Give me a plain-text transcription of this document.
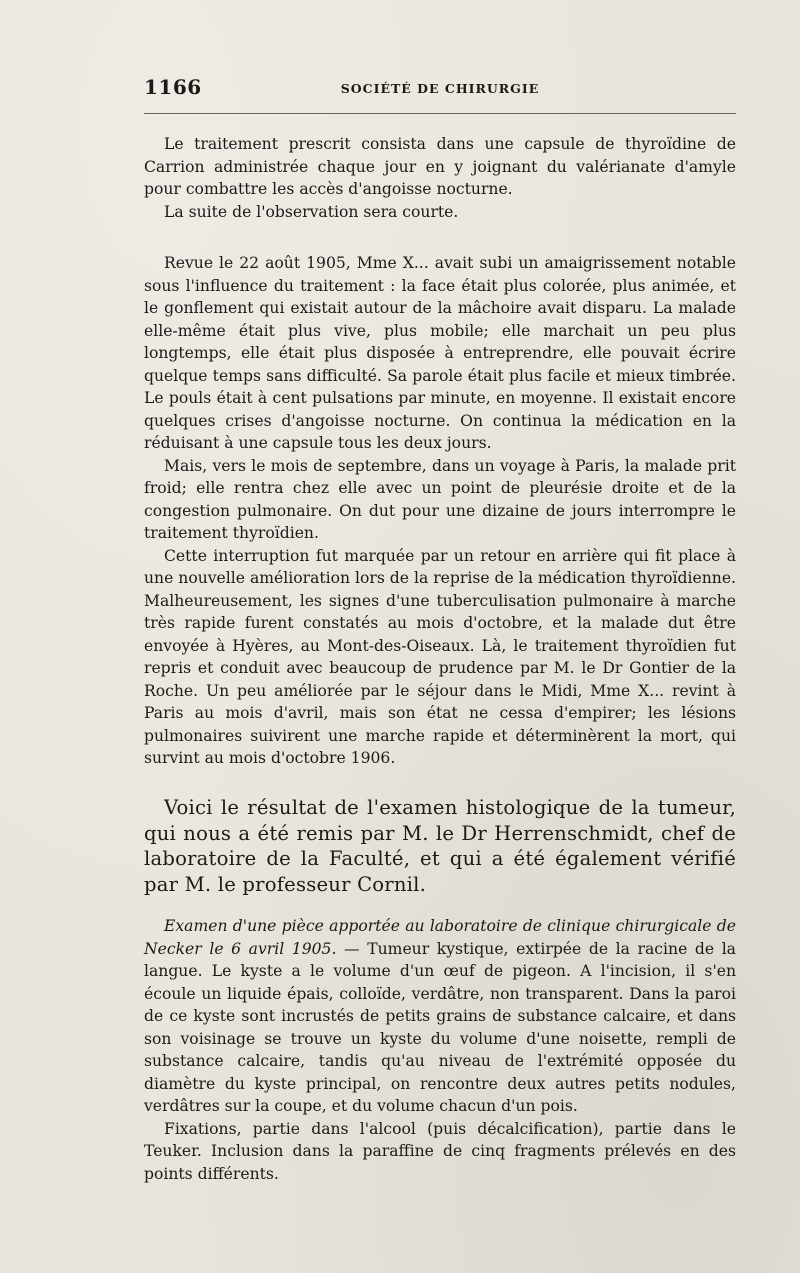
1166	SOCIÉTÉ DE CHIRURGIE

Le traitement prescrit consista dans une capsule de thyroïdine de Carrion administrée chaque jour en y joignant du valérianate d'amyle pour combattre les accès d'angoisse nocturne.

La suite de l'observation sera courte.

Revue le 22 août 1905, Mme X... avait subi un amaigrissement notable sous l'influence du traitement : la face était plus colorée, plus animée, et le gonflement qui existait autour de la mâchoire avait disparu. La malade elle-même était plus vive, plus mobile; elle marchait un peu plus longtemps, elle était plus disposée à entreprendre, elle pouvait écrire quelque temps sans difficulté. Sa parole était plus facile et mieux timbrée. Le pouls était à cent pulsations par minute, en moyenne. Il existait encore quelques crises d'angoisse nocturne. On continua la médication en la réduisant à une capsule tous les deux jours.

Mais, vers le mois de septembre, dans un voyage à Paris, la malade prit froid; elle rentra chez elle avec un point de pleurésie droite et de la congestion pulmonaire. On dut pour une dizaine de jours interrompre le traitement thyroïdien.

Cette interruption fut marquée par un retour en arrière qui fit place à une nouvelle amélioration lors de la reprise de la médication thyroïdienne. Malheureusement, les signes d'une tuberculisation pulmonaire à marche très rapide furent constatés au mois d'octobre, et la malade dut être envoyée à Hyères, au Mont-des-Oiseaux. Là, le traitement thyroïdien fut repris et conduit avec beaucoup de prudence par M. le Dr Gontier de la Roche. Un peu améliorée par le séjour dans le Midi, Mme X... revint à Paris au mois d'avril, mais son état ne cessa d'empirer; les lésions pulmonaires suivirent une marche rapide et déterminèrent la mort, qui survint au mois d'octobre 1906.

Voici le résultat de l'examen histologique de la tumeur, qui nous a été remis par M. le Dr Herrenschmidt, chef de laboratoire de la Faculté, et qui a été également vérifié par M. le professeur Cornil.

Examen d'une pièce apportée au laboratoire de clinique chirurgicale de Necker le 6 avril 1905. — Tumeur kystique, extirpée de la racine de la langue. Le kyste a le volume d'un œuf de pigeon. A l'incision, il s'en écoule un liquide épais, colloïde, verdâtre, non transparent. Dans la paroi de ce kyste sont incrustés de petits grains de substance calcaire, et dans son voisinage se trouve un kyste du volume d'une noisette, rempli de substance calcaire, tandis qu'au niveau de l'extrémité opposée du diamètre du kyste principal, on rencontre deux autres petits nodules, verdâtres sur la coupe, et du volume chacun d'un pois.

Fixations, partie dans l'alcool (puis décalcification), partie dans le Teuker. Inclusion dans la paraffine de cinq fragments prélevés en des points différents.
